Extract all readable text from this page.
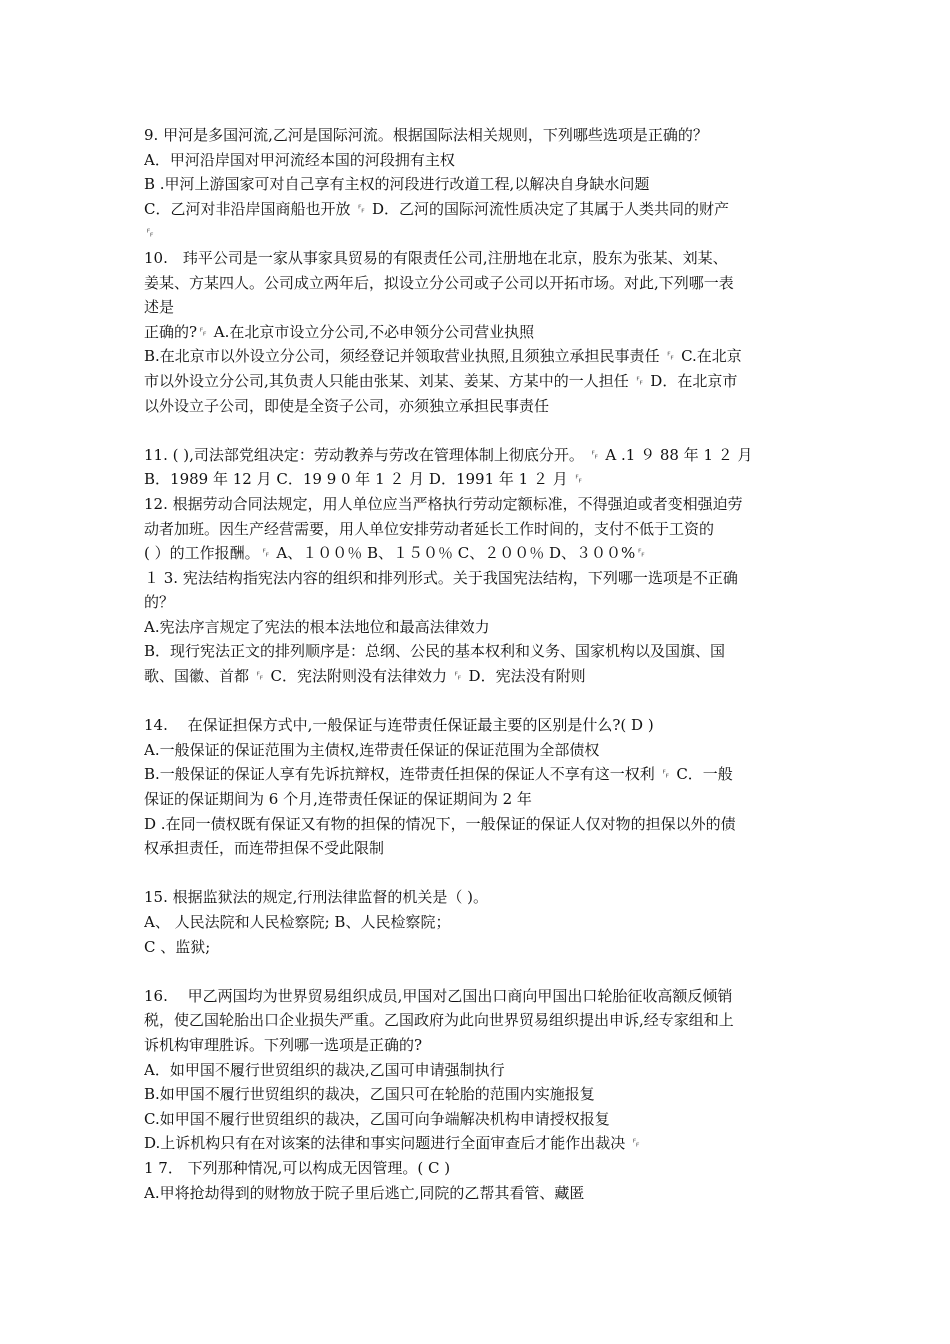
9. 甲河是多国河流,乙河是国际河流。根据国际法相关规则，下列哪些选项是正确的？
A．甲河沿岸国对甲河流经本国的河段拥有主权
B .甲河上游国家可对自己享有主权的河段进行改道工程,以解决自身缺水问题
C．乙河对非沿岸国商船也开放 ␌ D．乙河的国际河流性质决定了其属于人类共同的财产
␌
10.　玮平公司是一家从事家具贸易的有限责任公司,注册地在北京，股东为张某、刘某、
姜某、方某四人。公司成立两年后，拟设立分公司或子公司以开拓市场。对此,下列哪一表
述是
正确的?␌ A.在北京市设立分公司,不必申领分公司营业执照
B.在北京市以外设立分公司，须经登记并领取营业执照,且须独立承担民事责任 ␌ C.在北京
市以外设立分公司,其负责人只能由张某、刘某、姜某、方某中的一人担任 ␌ D．在北京市
以外设立子公司，即使是全资子公司，亦须独立承担民事责任
11. ( ),司法部党组决定：劳动教养与劳改在管理体制上彻底分开。 ␌ A .1 ９ 88 年 1 ２ 月
B．1989 年 12 月 C．19 9 0 年 1 ２ 月 D．1991 年 1 ２ 月 ␌
12. 根据劳动合同法规定，用人单位应当严格执行劳动定额标准，不得强迫或者变相强迫劳
动者加班。因生产经营需要，用人单位安排劳动者延长工作时间的，支付不低于工资的
( ）的工作报酬。␌ A、１００％ B、１５０％ C、２００％ D、３００%␌
１ 3. 宪法结构指宪法内容的组织和排列形式。关于我国宪法结构，下列哪一选项是不正确
的？
A.宪法序言规定了宪法的根本法地位和最高法律效力
B．现行宪法正文的排列顺序是：总纲、公民的基本权利和义务、国家机构以及国旗、国
歌、国徽、首都 ␌ C．宪法附则没有法律效力 ␌ D．宪法没有附则
14.　 在保证担保方式中,一般保证与连带责任保证最主要的区别是什么?( D )
A.一般保证的保证范围为主债权,连带责任保证的保证范围为全部债权
B.一般保证的保证人享有先诉抗辩权，连带责任担保的保证人不享有这一权利 ␌ C．一般
保证的保证期间为 6 个月,连带责任保证的保证期间为 2 年
D .在同一债权既有保证又有物的担保的情况下，一般保证的保证人仅对物的担保以外的债
权承担责任，而连带担保不受此限制
15. 根据监狱法的规定,行刑法律监督的机关是（ )。
A、 人民法院和人民检察院; B、人民检察院；
C 、监狱;
16.　 甲乙两国均为世界贸易组织成员,甲国对乙国出口商向甲国出口轮胎征收高额反倾销
税，使乙国轮胎出口企业损失严重。乙国政府为此向世界贸易组织提出申诉,经专家组和上
诉机构审理胜诉。下列哪一选项是正确的?
A．如甲国不履行世贸组织的裁决,乙国可申请强制执行
B.如甲国不履行世贸组织的裁决，乙国只可在轮胎的范围内实施报复
C.如甲国不履行世贸组织的裁决，乙国可向争端解决机构申请授权报复
D.上诉机构只有在对该案的法律和事实问题进行全面审查后才能作出裁决 ␌
1 7． 下列那种情况,可以构成无因管理。( C )
A.甲将抢劫得到的财物放于院子里后逃亡,同院的乙帮其看管、藏匿
